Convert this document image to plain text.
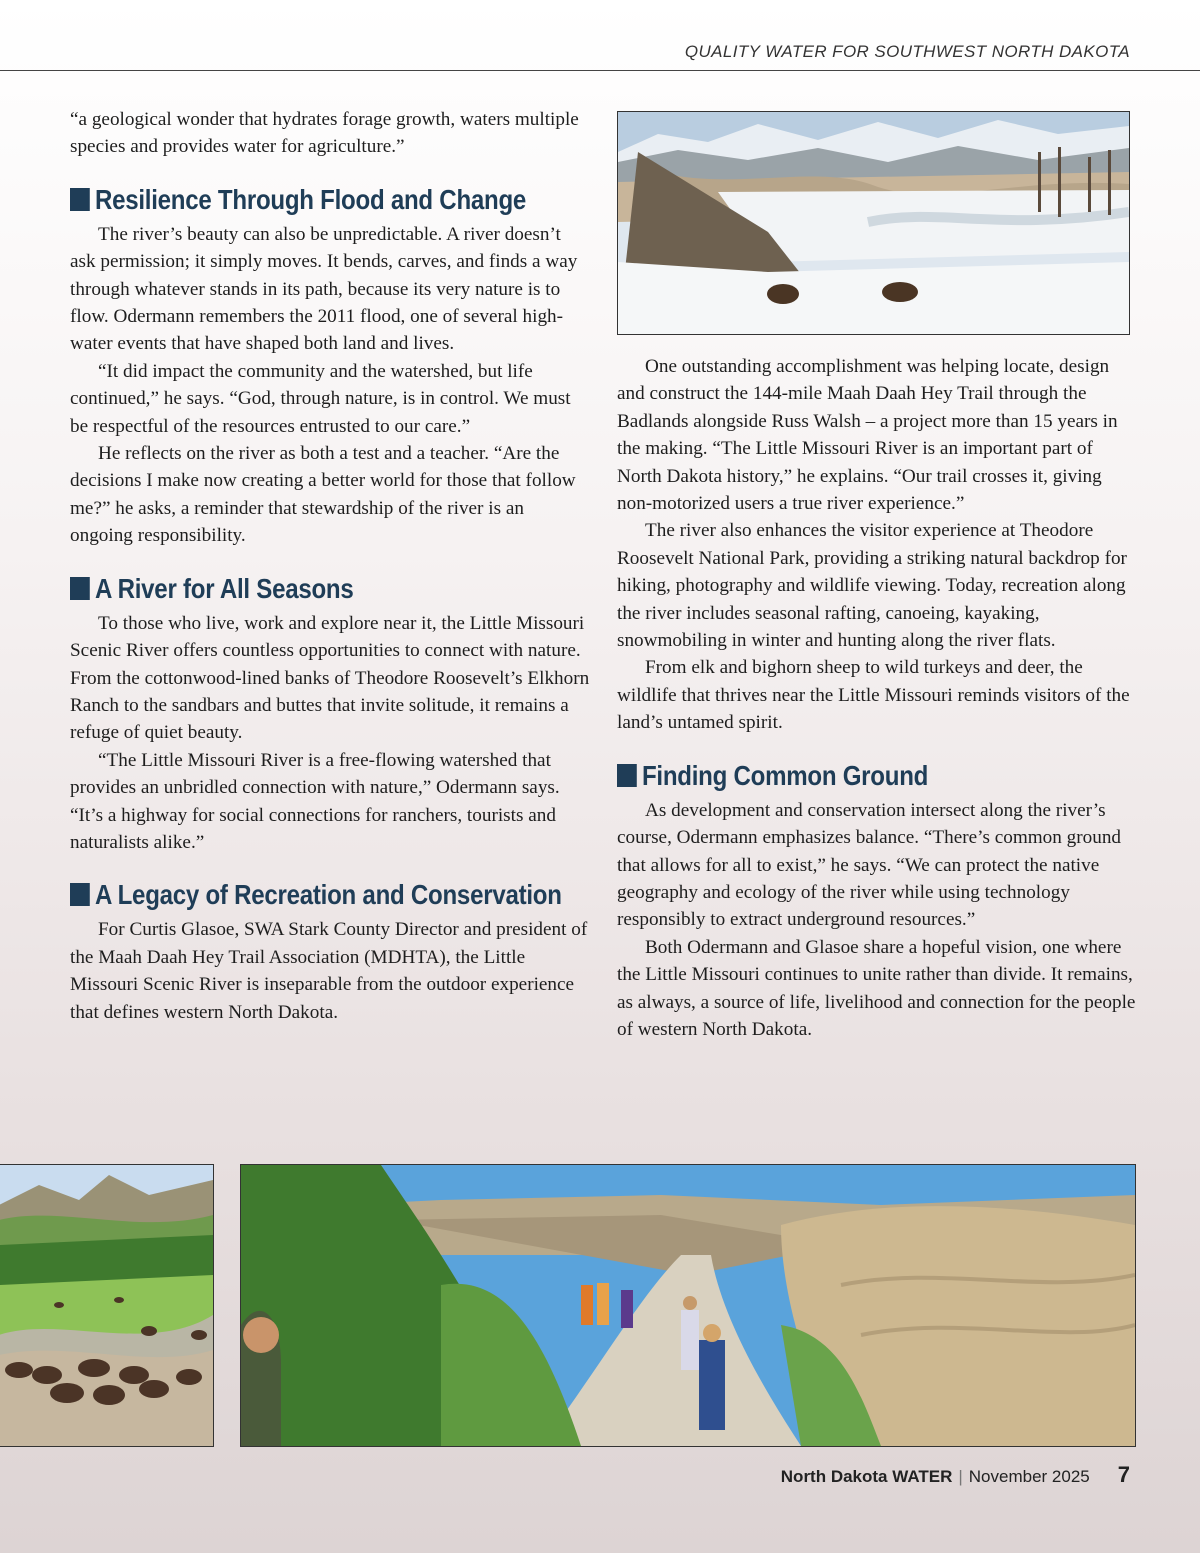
QUALITY WATER FOR SOUTHWEST NORTH DAKOTA

“a geological wonder that hydrates forage growth, waters multiple species and provides water for agriculture.”

Resilience Through Flood and Change

The river’s beauty can also be unpredictable. A river doesn’t ask permission; it simply moves. It bends, carves, and finds a way through whatever stands in its path, because its very nature is to flow. Odermann remembers the 2011 flood, one of several high-water events that have shaped both land and lives.

“It did impact the community and the watershed, but life continued,” he says. “God, through nature, is in control. We must be respectful of the resources entrusted to our care.”

He reflects on the river as both a test and a teacher. “Are the decisions I make now creating a better world for those that follow me?” he asks, a reminder that stewardship of the river is an ongoing responsibility.

A River for All Seasons

To those who live, work and explore near it, the Little Missouri Scenic River offers countless opportunities to connect with nature. From the cottonwood-lined banks of Theodore Roosevelt’s Elkhorn Ranch to the sandbars and buttes that invite solitude, it remains a refuge of quiet beauty.

“The Little Missouri River is a free-flowing watershed that provides an unbridled connection with nature,” Odermann says. “It’s a highway for social connections for ranchers, tourists and naturalists alike.”

A Legacy of Recreation and Conservation

For Curtis Glasoe, SWA Stark County Director and president of the Maah Daah Hey Trail Association (MDHTA), the Little Missouri Scenic River is inseparable from the outdoor experience that defines western North Dakota.

One outstanding accomplishment was helping locate, design and construct the 144-mile Maah Daah Hey Trail through the Badlands alongside Russ Walsh – a project more than 15 years in the making. “The Little Missouri River is an important part of North Dakota history,” he explains. “Our trail crosses it, giving non-motorized users a true river experience.”

The river also enhances the visitor experience at Theodore Roosevelt National Park, providing a striking natural backdrop for hiking, photography and wildlife viewing. Today, recreation along the river includes seasonal rafting, canoeing, kayaking, snowmobiling in winter and hunting along the river flats.

From elk and bighorn sheep to wild turkeys and deer, the wildlife that thrives near the Little Missouri reminds visitors of the land’s untamed spirit.

Finding Common Ground

As development and conservation intersect along the river’s course, Odermann emphasizes balance. “There’s common ground that allows for all to exist,” he says. “We can protect the native geography and ecology of the river while using technology responsibly to extract underground resources.”

Both Odermann and Glasoe share a hopeful vision, one where the Little Missouri continues to unite rather than divide. It remains, as always, a source of life, livelihood and connection for the people of western North Dakota.

North Dakota WATER | November 2025 7
